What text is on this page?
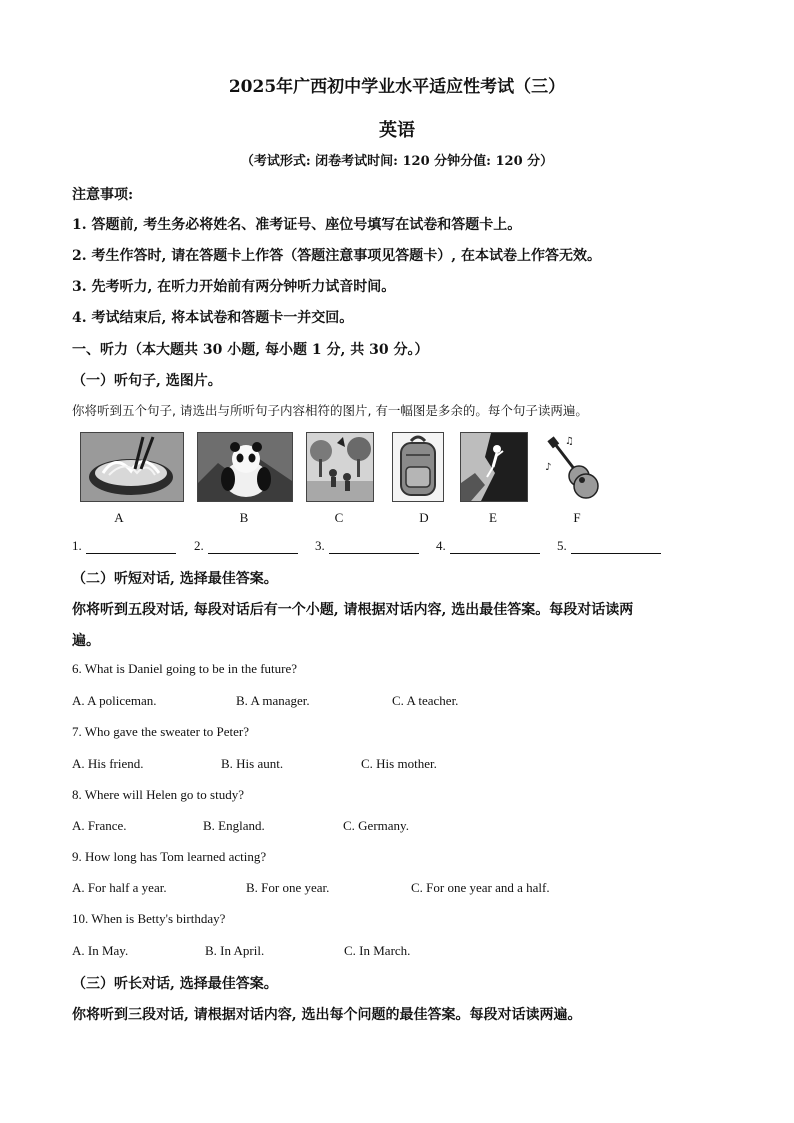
2025年广西初中学业水平适应性考试（三）
英语
（考试形式: 闭卷考试时间: 120 分钟分值: 120 分）
注意事项:
1. 答题前, 考生务必将姓名、准考证号、座位号填写在试卷和答题卡上。
2. 考生作答时, 请在答题卡上作答（答题注意事项见答题卡）, 在本试卷上作答无效。
3. 先考听力, 在听力开始前有两分钟听力试音时间。
4. 考试结束后, 将本试卷和答题卡一并交回。
一、听力（本大题共 30 小题, 每小题 1 分, 共 30 分。）
（一）听句子, 选图片。
你将听到五个句子, 请选出与所听句子内容相符的图片, 有一幅图是多余的。每个句子读两遍。
♪
♫
A	B	C	D	E	F
1.	2.	3.	4.	5.
（二）听短对话, 选择最佳答案。
你将听到五段对话, 每段对话后有一个小题, 请根据对话内容, 选出最佳答案。每段对话读两
遍。
6. What is Daniel going to be in the future?
A. A policeman.	B. A manager.	C. A teacher.
7. Who gave the sweater to Peter?
A. His friend.	B. His aunt.	C. His mother.
8. Where will Helen go to study?
A. France.	B. England.	C. Germany.
9. How long has Tom learned acting?
A. For half a year.	B. For one year.	C. For one year and a half.
10. When is Betty's birthday?
A. In May.	B. In April.	C. In March.
（三）听长对话, 选择最佳答案。
你将听到三段对话, 请根据对话内容, 选出每个问题的最佳答案。每段对话读两遍。
